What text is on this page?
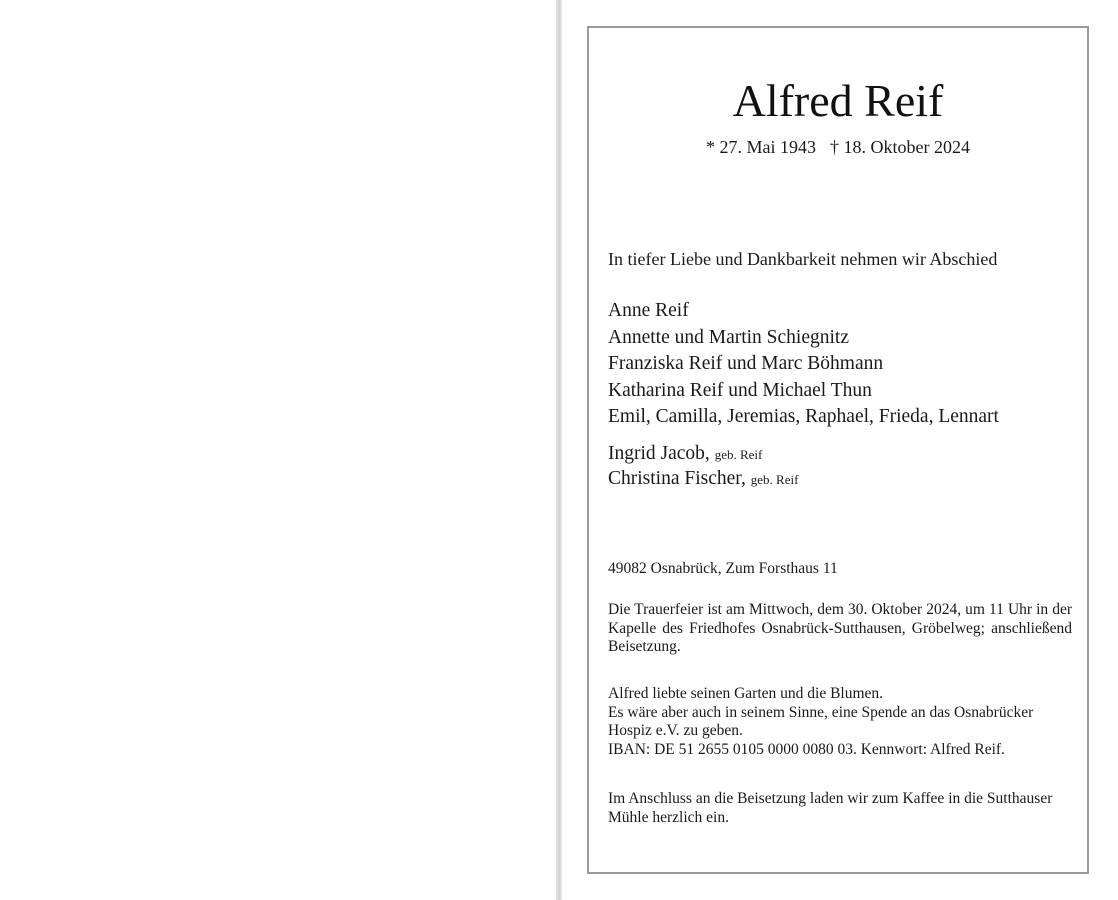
Alfred Reif
* 27. Mai 1943 † 18. Oktober 2024
In tiefer Liebe und Dankbarkeit nehmen wir Abschied
Anne Reif
Annette und Martin Schiegnitz
Franziska Reif und Marc Böhmann
Katharina Reif und Michael Thun
Emil, Camilla, Jeremias, Raphael, Frieda, Lennart
Ingrid Jacob, geb. Reif
Christina Fischer, geb. Reif
49082 Osnabrück, Zum Forsthaus 11
Die Trauerfeier ist am Mittwoch, dem 30. Oktober 2024, um 11 Uhr in der Kapelle des Friedhofes Osnabrück-Sutthausen, Gröbelweg; anschließend Beisetzung.
Alfred liebte seinen Garten und die Blumen.
Es wäre aber auch in seinem Sinne, eine Spende an das Osnabrücker Hospiz e.V. zu geben.
IBAN: DE 51 2655 0105 0000 0080 03. Kennwort: Alfred Reif.
Im Anschluss an die Beisetzung laden wir zum Kaffee in die Sutthauser Mühle herzlich ein.
